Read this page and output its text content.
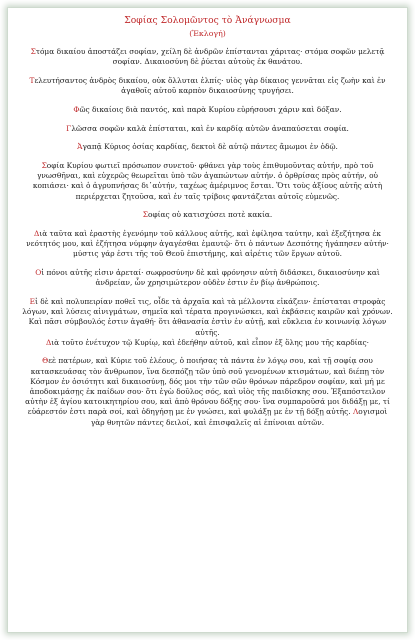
Σοφίας Σολομῶντος τὸ Ἀνάγνωσμα

(Ἐκλογή)

Στόμα δικαίου ἀποστάζει σοφίαν, χείλη δὲ ἀνδρῶν ἐπίστανται χάριτας· στόμα σοφῶν μελετᾷ σοφίαν. Δικαιοσύνη δὲ ῥύεται αὐτοὺς ἐκ θανάτου.

Τελευτήσαντος ἀνδρὸς δικαίου, οὐκ ὄλλυται ἐλπίς· υἱὸς γὰρ δίκαιος γεννᾶται εἰς ζωὴν καὶ ἐν ἀγαθοῖς αὐτοῦ καρπὸν δικαιοσύνης τρυγήσει.

Φῶς δικαίοις διὰ παντός, καὶ παρὰ Κυρίου εὑρήσουσι χάριν καὶ δόξαν.

Γλῶσσα σοφῶν καλὰ ἐπίσταται, καὶ ἐν καρδίᾳ αὐτῶν ἀναπαύσεται σοφία.

Ἀγαπᾷ Κύριος ὁσίας καρδίας, δεκτοὶ δὲ αὐτῷ πάντες ἄμωμοι ἐν ὁδῷ.

Σοφία Κυρίου φωτιεῖ πρόσωπον συνετοῦ· φθάνει γὰρ τοὺς ἐπιθυμοῦντας αὐτήν, πρὸ τοῦ γνωσθῆναι, καὶ εὐχερῶς θεωρεῖται ὑπὸ τῶν ἀγαπώντων αὐτήν. ὁ ὀρθρίσας πρὸς αὐτήν, οὐ κοπιάσει· καὶ ὁ ἀγρυπνήσας δι᾿αὐτήν, ταχέως ἀμέριμνος ἔσται. Ὅτι τοὺς ἀξίους αὐτῆς αὐτὴ περιέρχεται ζητοῦσα, καὶ ἐν ταῖς τρίβοις φαντάζεται αὐτοῖς εὐμενῶς.

Σοφίας οὐ κατισχύσει ποτὲ κακία.

Διὰ ταῦτα καὶ ἐραστὴς ἐγενόμην τοῦ κάλλους αὐτῆς, καὶ ἐφίλησα ταύτην, καὶ ἐξεζήτησα ἐκ νεότητός μου, καὶ ἐζήτησα νύμφην ἀγαγέσθαι ἐμαυτῷ· ὅτι ὁ πάντων Δεσπότης ἠγάπησεν αὐτήν· μύστις γάρ ἐστι τῆς τοῦ Θεοῦ ἐπιστήμης, καὶ αἱρέτις τῶν ἔργων αὐτοῦ.

Οἱ πόνοι αὐτῆς εἰσιν ἀρεταί· σωφροσύνην δὲ καὶ φρόνησιν αὐτὴ διδάσκει, δικαιοσύνην καὶ ἀνδρείαν, ὧν χρησιμώτερον οὐδὲν ἐστιν ἐν βίῳ ἀνθρώποις.

Εἰ δὲ καὶ πολυπειρίαν ποθεῖ τις, οἶδε τὰ ἀρχαῖα καὶ τὰ μέλλοντα εἰκάζειν· ἐπίσταται στροφὰς λόγων, καὶ λύσεις αἰνιγμάτων, σημεῖα καὶ τέρατα προγινώσκει, καὶ ἐκβάσεις καιρῶν καὶ χρόνων. Καὶ πᾶσι σύμβουλός ἐστιν ἀγαθή· ὅτι ἀθανασία ἐστὶν ἐν αὐτῇ, καὶ εὔκλεια ἐν κοινωνίᾳ λόγων αὐτῆς.
Διὰ τοῦτο ἐνέτυχον τῷ Κυρίῳ, καὶ ἐδεήθην αὐτοῦ, καὶ εἶπον ἐξ ὅλης μου τῆς καρδίας·

Θεὲ πατέρων, καὶ Κύριε τοῦ ἐλέους, ὁ ποιήσας τὰ πάντα ἐν λόγῳ σου, καὶ τῇ σοφίᾳ σου κατασκευάσας τὸν ἄνθρωπον, ἵνα δεσπόζῃ τῶν ὑπὸ σοῦ γενομένων κτισμάτων, καὶ διέπῃ τὸν Κόσμον ἐν ὁσιότητι καὶ δικαιοσύνῃ, δός μοι τὴν τῶν σῶν θρόνων πάρεδρον σοφίαν, καὶ μή με ἀποδοκιμάσῃς ἐκ παίδων σου· ὅτι ἐγὼ δοῦλος σός, καὶ υἱὸς τῆς παιδίσκης σου. Ἐξαπόστειλον αὐτὴν ἐξ ἁγίου κατοικητηρίου σου, καὶ ἀπὸ θρόνου δόξης σου· ἵνα συμπαροῦσά μοι διδάξῃ με, τί εὐάρεστόν ἐστι παρὰ σοί, καὶ ὁδηγήσῃ με ἐν γνώσει, καὶ φυλάξῃ με ἐν τῇ δόξῃ αὐτῆς. Λογισμοὶ γὰρ θνητῶν πάντες δειλοί, καὶ ἐπισφαλεῖς αἱ ἐπίνοιαι αὐτῶν.
